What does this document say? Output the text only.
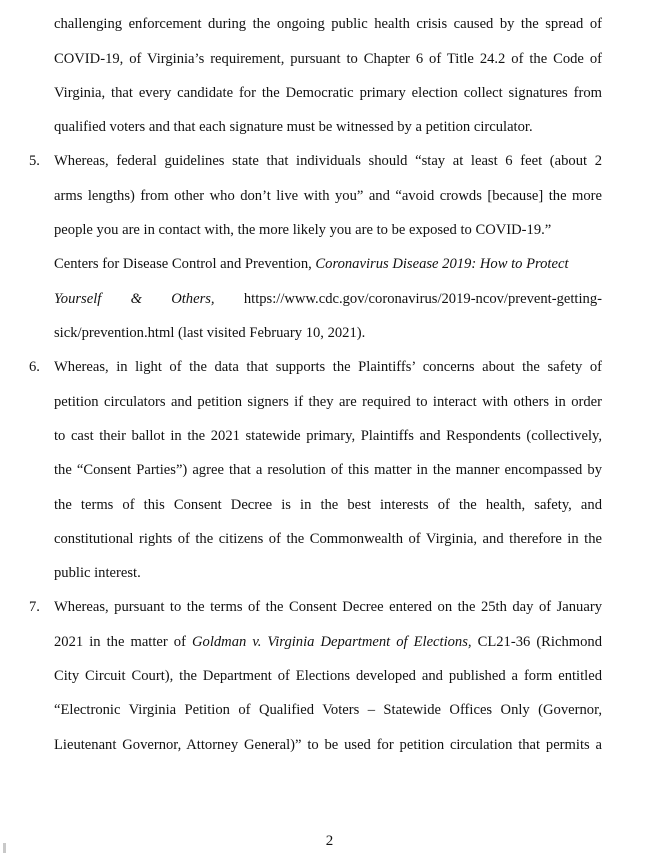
challenging enforcement during the ongoing public health crisis caused by the spread of
COVID-19, of Virginia’s requirement, pursuant to Chapter 6 of Title 24.2 of the Code of
Virginia, that every candidate for the Democratic primary election collect signatures from
qualified voters and that each signature must be witnessed by a petition circulator.
5. Whereas, federal guidelines state that individuals should “stay at least 6 feet (about 2
arms lengths) from other who don’t live with you” and “avoid crowds [because] the more
people you are in contact with, the more likely you are to be exposed to COVID-19.”
Centers for Disease Control and Prevention, Coronavirus Disease 2019: How to Protect
Yourself & Others, https://www.cdc.gov/coronavirus/2019-ncov/prevent-getting-
sick/prevention.html (last visited February 10, 2021).
6. Whereas, in light of the data that supports the Plaintiffs’ concerns about the safety of
petition circulators and petition signers if they are required to interact with others in order
to cast their ballot in the 2021 statewide primary, Plaintiffs and Respondents (collectively,
the “Consent Parties”) agree that a resolution of this matter in the manner encompassed by
the terms of this Consent Decree is in the best interests of the health, safety, and
constitutional rights of the citizens of the Commonwealth of Virginia, and therefore in the
public interest.
7. Whereas, pursuant to the terms of the Consent Decree entered on the 25th day of January
2021 in the matter of Goldman v. Virginia Department of Elections, CL21-36 (Richmond
City Circuit Court), the Department of Elections developed and published a form entitled
“Electronic Virginia Petition of Qualified Voters – Statewide Offices Only (Governor,
Lieutenant Governor, Attorney General)” to be used for petition circulation that permits a
2
